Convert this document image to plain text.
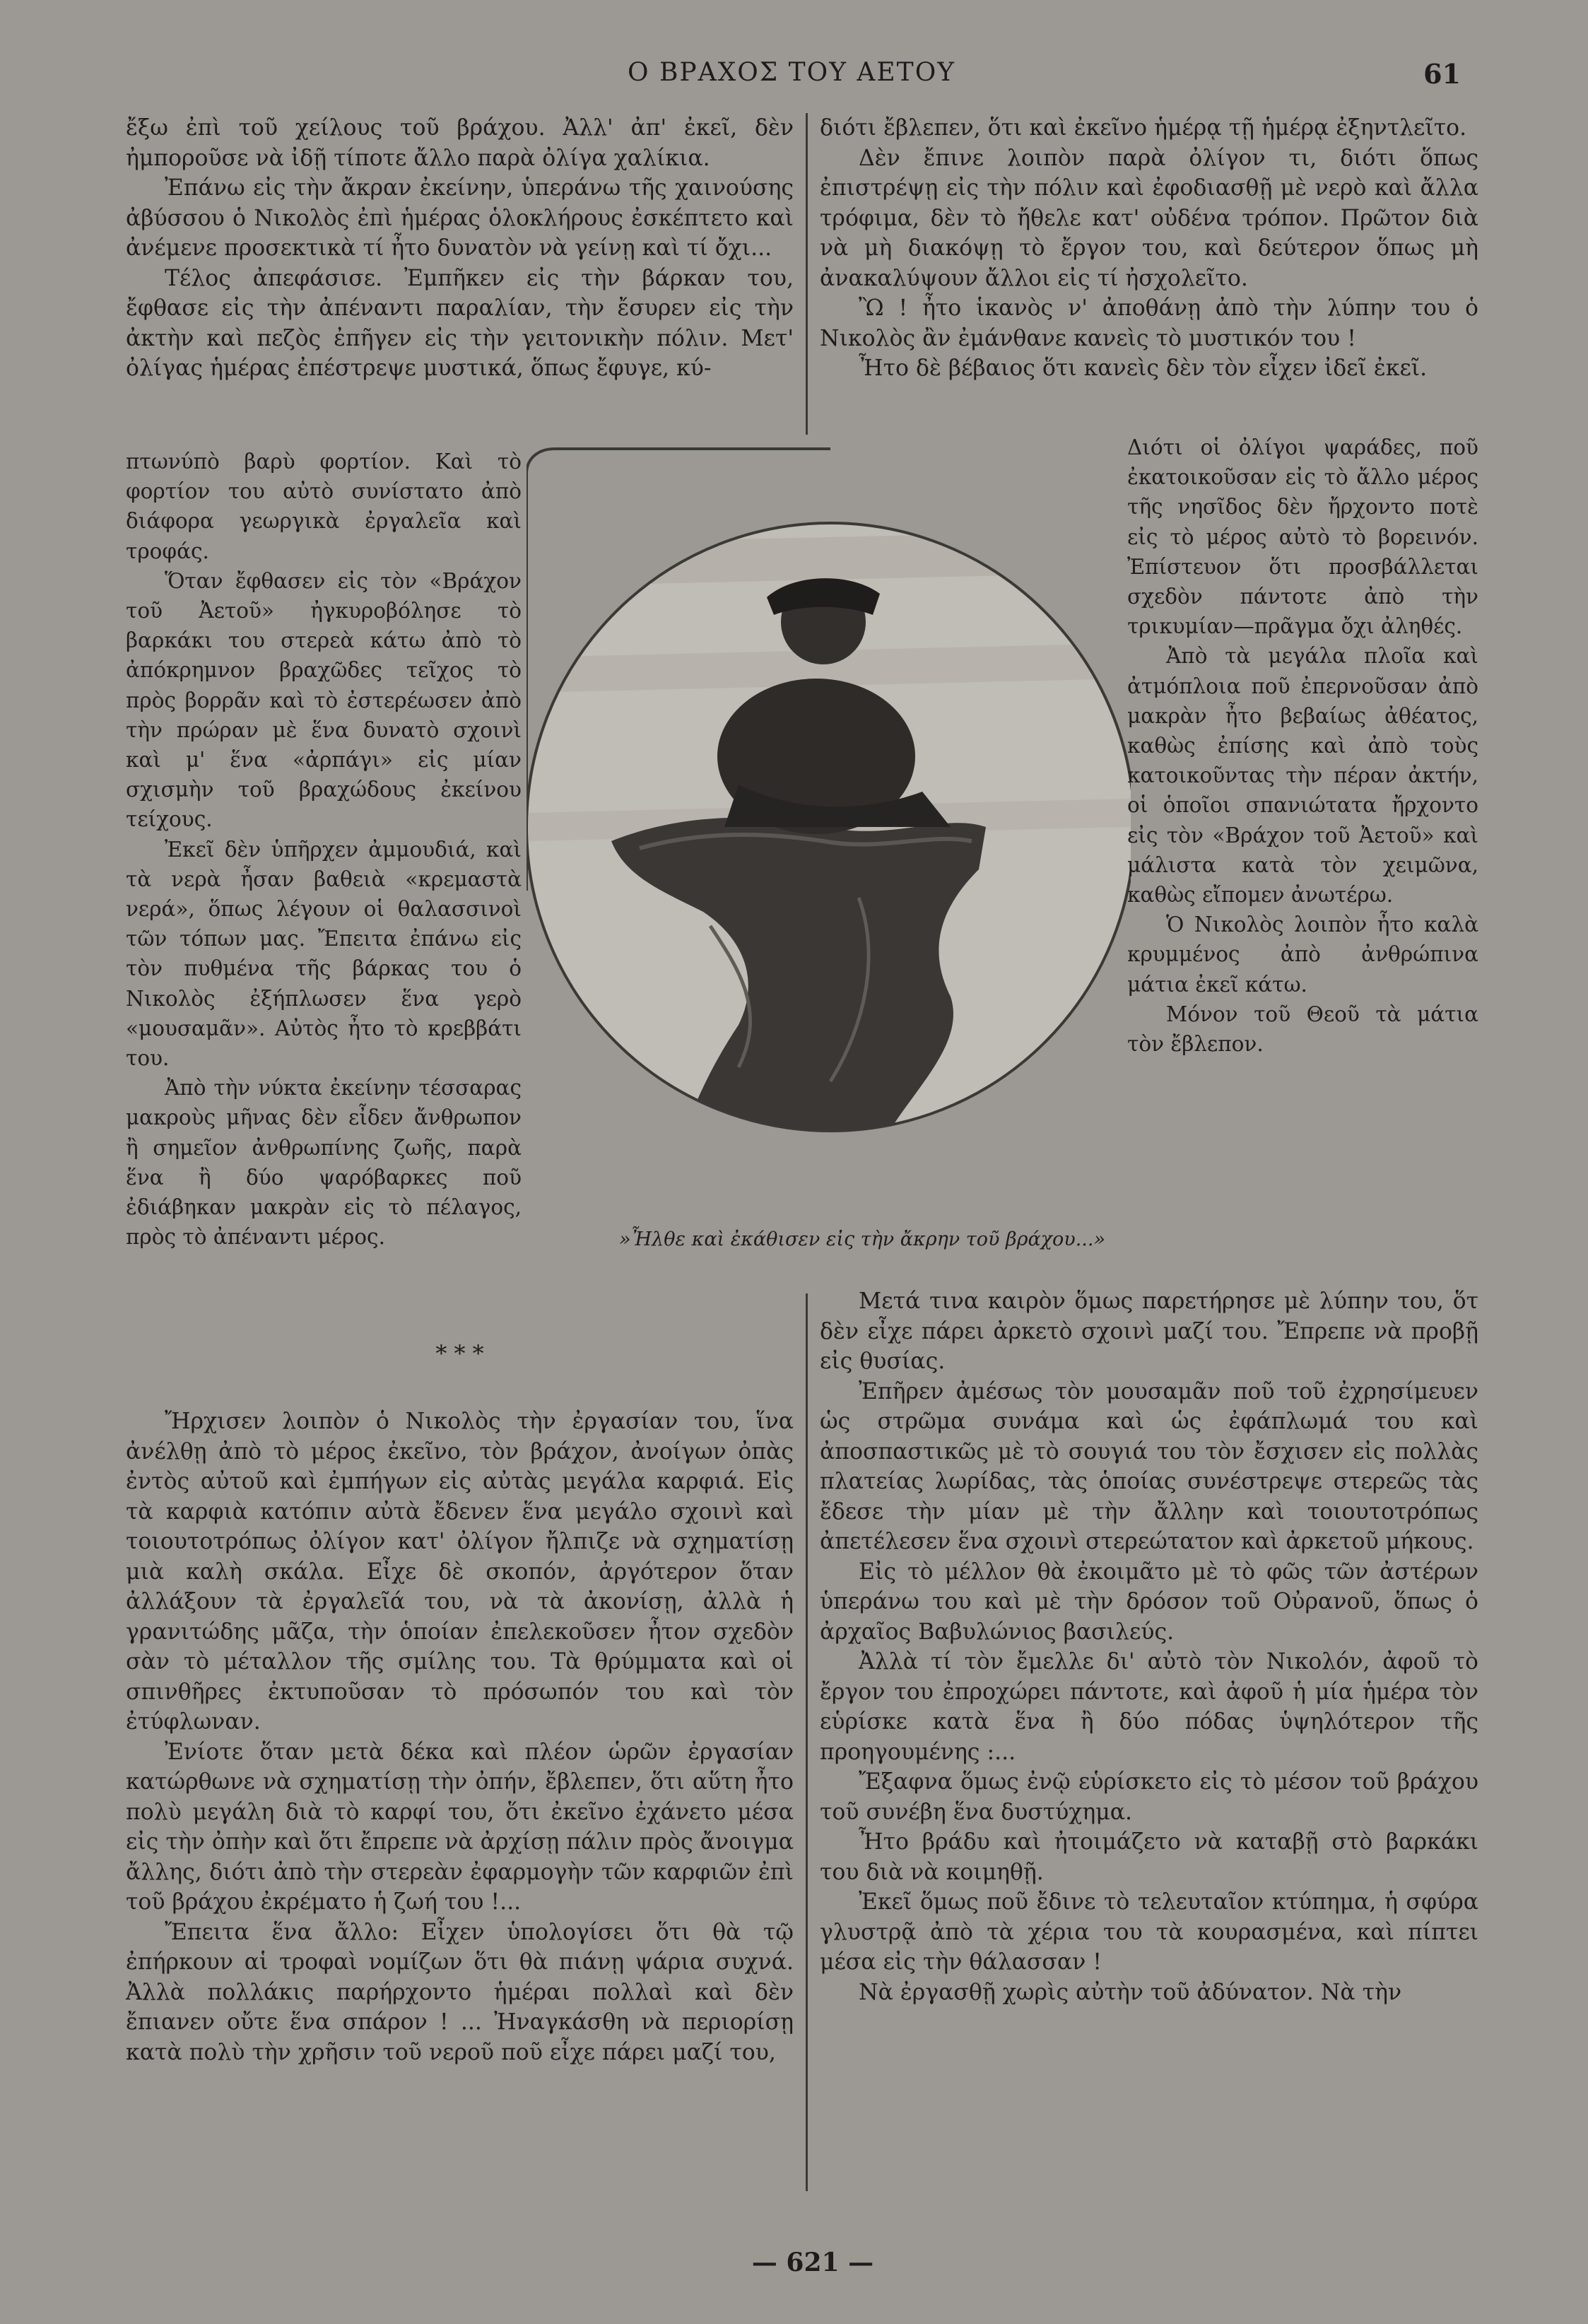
Ο ΒΡΑΧΟΣ ΤΟΥ ΑΕΤΟΥ	61

ἔξω ἐπὶ τοῦ χείλους τοῦ βράχου. Ἀλλ' ἀπ' ἐκεῖ, δὲν ἠμποροῦσε νὰ ἰδῇ τίποτε ἄλλο παρὰ ὀλίγα χαλίκια.

Ἐπάνω εἰς τὴν ἄκραν ἐκείνην, ὑπεράνω τῆς χαινούσης ἀβύσσου ὁ Νικολὸς ἐπὶ ἡμέρας ὁλοκλήρους ἐσκέπτετο καὶ ἀνέμενε προσεκτικὰ τί ἦτο δυνατὸν νὰ γείνῃ καὶ τί ὄχι...

Τέλος ἀπεφάσισε. Ἐμπῆκεν εἰς τὴν βάρκαν του, ἔφθασε εἰς τὴν ἀπέναντι παραλίαν, τὴν ἔσυρεν εἰς τὴν ἀκτὴν καὶ πεζὸς ἐπῆγεν εἰς τὴν γειτονικὴν πόλιν. Μετ' ὀλίγας ἡμέρας ἐπέστρεψε μυστικά, ὅπως ἔφυγε, κύ-

διότι ἔβλεπεν, ὅτι καὶ ἐκεῖνο ἡμέρᾳ τῇ ἡμέρᾳ ἐξηντλεῖτο.

Δὲν ἔπινε λοιπὸν παρὰ ὀλίγον τι, διότι ὅπως ἐπιστρέψῃ εἰς τὴν πόλιν καὶ ἐφοδιασθῇ μὲ νερὸ καὶ ἄλλα τρόφιμα, δὲν τὸ ἤθελε κατ' οὐδένα τρόπον. Πρῶτον διὰ νὰ μὴ διακόψῃ τὸ ἔργον του, καὶ δεύτερον ὅπως μὴ ἀνακαλύψουν ἄλλοι εἰς τί ἠσχολεῖτο.

Ὢ ! ἦτο ἱκανὸς ν' ἀποθάνῃ ἀπὸ τὴν λύπην του ὁ Νικολὸς ἂν ἐμάνθανε κανεὶς τὸ μυστικόν του !

Ἦτο δὲ βέβαιος ὅτι κανεὶς δὲν τὸν εἶχεν ἰδεῖ ἐκεῖ.

πτωνύπὸ βαρὺ φορτίον. Καὶ τὸ φορτίον του αὐτὸ συνίστατο ἀπὸ διάφορα γεωργικὰ ἐργαλεῖα καὶ τροφάς.

Ὅταν ἔφθασεν εἰς τὸν «Βράχον τοῦ Ἀετοῦ» ἠγκυροβόλησε τὸ βαρκάκι του στερεὰ κάτω ἀπὸ τὸ ἀπόκρημνον βραχῶδες τεῖχος τὸ πρὸς βορρᾶν καὶ τὸ ἐστερέωσεν ἀπὸ τὴν πρώραν μὲ ἕνα δυνατὸ σχοινὶ καὶ μ' ἕνα «ἀρπάγι» εἰς μίαν σχισμὴν τοῦ βραχώδους ἐκείνου τείχους.

Ἐκεῖ δὲν ὑπῆρχεν ἀμμουδιά, καὶ τὰ νερὰ ἦσαν βαθειὰ «κρεμαστὰ νερά», ὅπως λέγουν οἱ θαλασσινοὶ τῶν τόπων μας. Ἔπειτα ἐπάνω εἰς τὸν πυθμένα τῆς βάρκας του ὁ Νικολὸς ἐξήπλωσεν ἕνα γερὸ «μουσαμᾶν». Αὐτὸς ἦτο τὸ κρεββάτι του.

Ἀπὸ τὴν νύκτα ἐκείνην τέσσαρας μακροὺς μῆνας δὲν εἶδεν ἄνθρωπον ἢ σημεῖον ἀνθρωπίνης ζωῆς, παρὰ ἕνα ἢ δύο ψαρόβαρκες ποῦ ἐδιάβηκαν μακρὰν εἰς τὸ πέλαγος, πρὸς τὸ ἀπέναντι μέρος.

Διότι οἱ ὀλίγοι ψαράδες, ποῦ ἐκατοικοῦσαν εἰς τὸ ἄλλο μέρος τῆς νησῖδος δὲν ἤρχοντο ποτὲ εἰς τὸ μέρος αὐτὸ τὸ βορεινόν. Ἐπίστευον ὅτι προσβάλλεται σχεδὸν πάντοτε ἀπὸ τὴν τρικυμίαν—πρᾶγμα ὄχι ἀληθές.

Ἀπὸ τὰ μεγάλα πλοῖα καὶ ἀτμόπλοια ποῦ ἐπερνοῦσαν ἀπὸ μακρὰν ἦτο βεβαίως ἀθέατος, καθὼς ἐπίσης καὶ ἀπὸ τοὺς κατοικοῦντας τὴν πέραν ἀκτήν, οἱ ὁποῖοι σπανιώτατα ἤρχοντο εἰς τὸν «Βράχον τοῦ Ἀετοῦ» καὶ μάλιστα κατὰ τὸν χειμῶνα, καθὼς εἴπομεν ἀνωτέρω.

Ὁ Νικολὸς λοιπὸν ἦτο καλὰ κρυμμένος ἀπὸ ἀνθρώπινα μάτια ἐκεῖ κάτω.

Μόνον τοῦ Θεοῦ τὰ μάτια τὸν ἔβλεπον.

»Ἦλθε καὶ ἐκάθισεν εἰς τὴν ἄκρην τοῦ βράχου...»
* * *

Ἤρχισεν λοιπὸν ὁ Νικολὸς τὴν ἐργασίαν του, ἵνα ἀνέλθῃ ἀπὸ τὸ μέρος ἐκεῖνο, τὸν βράχον, ἀνοίγων ὀπὰς ἐντὸς αὐτοῦ καὶ ἐμπήγων εἰς αὐτὰς μεγάλα καρφιά. Εἰς τὰ καρφιὰ κατόπιν αὐτὰ ἔδενεν ἕνα μεγάλο σχοινὶ καὶ τοιουτοτρόπως ὀλίγον κατ' ὀλίγον ἤλπιζε νὰ σχηματίσῃ μιὰ καλὴ σκάλα. Εἶχε δὲ σκοπόν, ἀργότερον ὅταν ἀλλάξουν τὰ ἐργαλεῖά του, νὰ τὰ ἀκονίσῃ, ἀλλὰ ἡ γρανιτώδης μᾶζα, τὴν ὁποίαν ἐπελεκοῦσεν ἦτον σχεδὸν σὰν τὸ μέταλλον τῆς σμίλης του. Τὰ θρύμματα καὶ οἱ σπινθῆρες ἐκτυποῦσαν τὸ πρόσωπόν του καὶ τὸν ἐτύφλωναν.

Ἐνίοτε ὅταν μετὰ δέκα καὶ πλέον ὡρῶν ἐργασίαν κατώρθωνε νὰ σχηματίσῃ τὴν ὀπήν, ἔβλεπεν, ὅτι αὕτη ἦτο πολὺ μεγάλη διὰ τὸ καρφί του, ὅτι ἐκεῖνο ἐχάνετο μέσα εἰς τὴν ὀπὴν καὶ ὅτι ἔπρεπε νὰ ἀρχίσῃ πάλιν πρὸς ἄνοιγμα ἄλλης, διότι ἀπὸ τὴν στερεὰν ἐφαρμογὴν τῶν καρφιῶν ἐπὶ τοῦ βράχου ἐκρέματο ἡ ζωή του !...

Ἔπειτα ἕνα ἄλλο: Εἶχεν ὑπολογίσει ὅτι θὰ τῷ ἐπήρκουν αἱ τροφαὶ νομίζων ὅτι θὰ πιάνῃ ψάρια συχνά. Ἀλλὰ πολλάκις παρήρχοντο ἡμέραι πολλαὶ καὶ δὲν ἔπιανεν οὔτε ἕνα σπάρον ! ... Ἠναγκάσθη νὰ περιορίσῃ κατὰ πολὺ τὴν χρῆσιν τοῦ νεροῦ ποῦ εἶχε πάρει μαζί του,

Μετά τινα καιρὸν ὅμως παρετήρησε μὲ λύπην του, ὅτ δὲν εἶχε πάρει ἀρκετὸ σχοινὶ μαζί του. Ἔπρεπε νὰ προβῇ εἰς θυσίας.

Ἐπῆρεν ἀμέσως τὸν μουσαμᾶν ποῦ τοῦ ἐχρησίμευεν ὡς στρῶμα συνάμα καὶ ὡς ἐφάπλωμά του καὶ ἀποσπαστικῶς μὲ τὸ σουγιά του τὸν ἔσχισεν εἰς πολλὰς πλατείας λωρίδας, τὰς ὁποίας συνέστρεψε στερεῶς τὰς ἔδεσε τὴν μίαν μὲ τὴν ἄλλην καὶ τοιουτοτρόπως ἀπετέλεσεν ἕνα σχοινὶ στερεώτατον καὶ ἀρκετοῦ μήκους.

Εἰς τὸ μέλλον θὰ ἐκοιμᾶτο μὲ τὸ φῶς τῶν ἀστέρων ὑπεράνω του καὶ μὲ τὴν δρόσον τοῦ Οὐρανοῦ, ὅπως ὁ ἀρχαῖος Βαβυλώνιος βασιλεύς.

Ἀλλὰ τί τὸν ἔμελλε δι' αὐτὸ τὸν Νικολόν, ἀφοῦ τὸ ἔργον του ἐπροχώρει πάντοτε, καὶ ἀφοῦ ἡ μία ἡμέρα τὸν εὑρίσκε κατὰ ἕνα ἢ δύο πόδας ὑψηλότερον τῆς προηγουμένης :...

Ἔξαφνα ὅμως ἐνῷ εὑρίσκετο εἰς τὸ μέσον τοῦ βράχου τοῦ συνέβη ἕνα δυστύχημα.

Ἦτο βράδυ καὶ ἠτοιμάζετο νὰ καταβῇ στὸ βαρκάκι του διὰ νὰ κοιμηθῇ.

Ἐκεῖ ὅμως ποῦ ἔδινε τὸ τελευταῖον κτύπημα, ἡ σφύρα γλυστρᾷ ἀπὸ τὰ χέρια του τὰ κουρασμένα, καὶ πίπτει μέσα εἰς τὴν θάλασσαν !

Νὰ ἐργασθῇ χωρὶς αὐτὴν τοῦ ἀδύνατον. Νὰ τὴν

— 621 —
